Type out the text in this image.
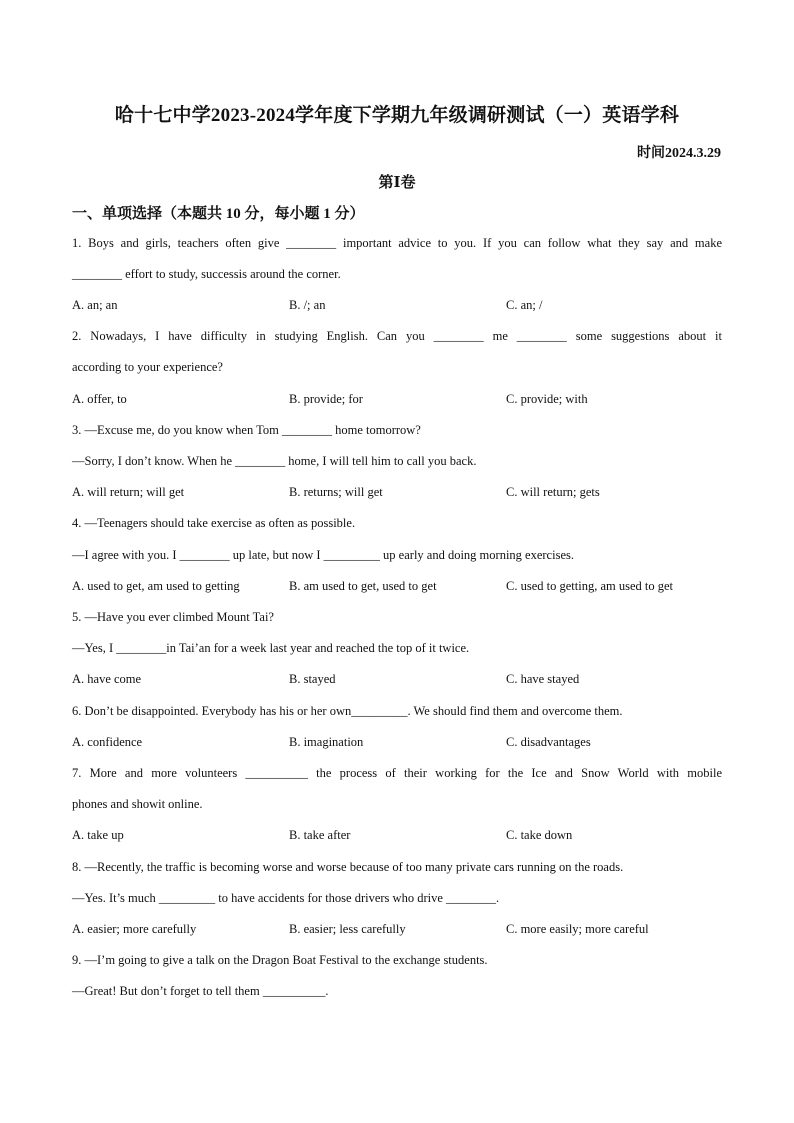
哈十七中学2023-2024学年度下学期九年级调研测试（一）英语学科
时间2024.3.29
第Ⅰ卷
一、单项选择（本题共 10 分，每小题 1 分）
1. Boys and girls, teachers often give ________ important advice to you. If you can follow what they say and make
________ effort to study, successis around the corner.
A. an; an	B. /; an	C. an; /
2. Nowadays, I have difficulty in studying English. Can you ________ me ________ some suggestions about it
according to your experience?
A. offer, to	B. provide; for	C. provide; with
3. —Excuse me, do you know when Tom ________ home tomorrow?
—Sorry, I don’t know. When he ________ home, I will tell him to call you back.
A. will return; will get	B. returns; will get	C. will return; gets
4. —Teenagers should take exercise as often as possible.
—I agree with you. I ________ up late, but now I _________ up early and doing morning exercises.
A. used to get, am used to getting	B. am used to get, used to get	C. used to getting, am used to get
5. —Have you ever climbed Mount Tai?
—Yes, I ________in Tai’an for a week last year and reached the top of it twice.
A. have come	B. stayed	C. have stayed
6. Don’t be disappointed. Everybody has his or her own_________. We should find them and overcome them.
A. confidence	B. imagination	C. disadvantages
7. More and more volunteers __________ the process of their working for the Ice and Snow World with mobile
phones and showit online.
A. take up	B. take after	C. take down
8. —Recently, the traffic is becoming worse and worse because of too many private cars running on the roads.
—Yes. It’s much _________ to have accidents for those drivers who drive ________.
A. easier; more carefully	B. easier; less carefully	C. more easily; more careful
9. —I’m going to give a talk on the Dragon Boat Festival to the exchange students.
—Great! But don’t forget to tell them __________.
